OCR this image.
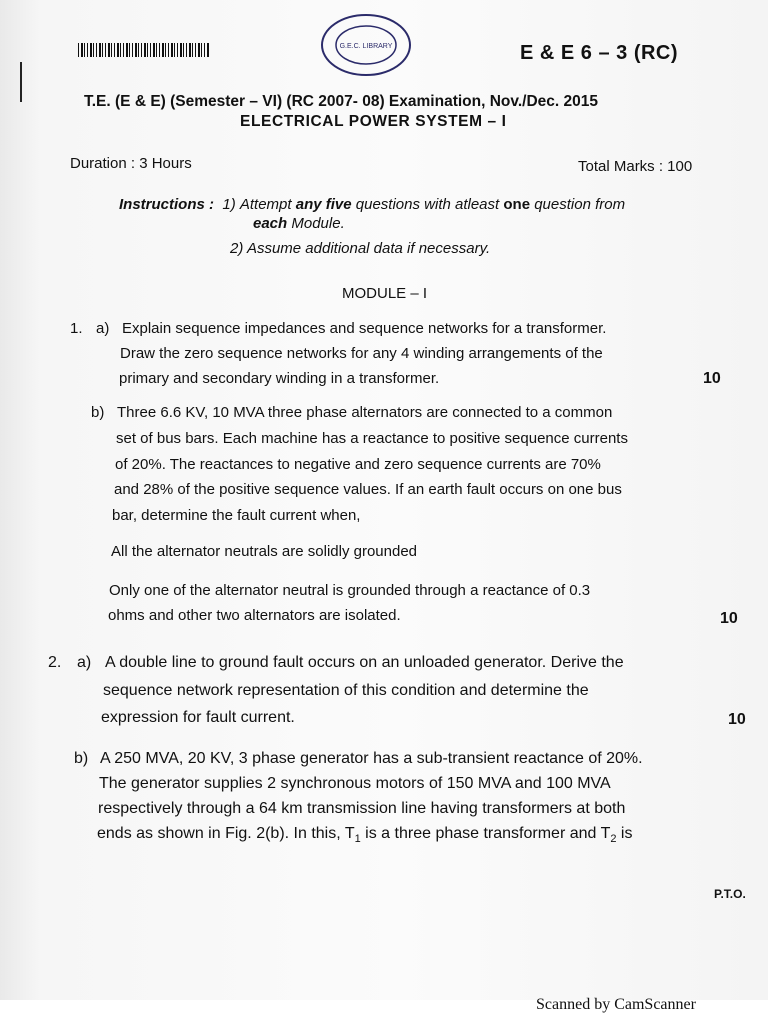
G.E.C. LIBRARY	E & E 6 – 3 (RC)
T.E. (E & E) (Semester – VI) (RC 2007- 08) Examination, Nov./Dec. 2015
ELECTRICAL POWER SYSTEM – I
Duration : 3 Hours	Total Marks : 100
Instructions : 1) Attempt any five questions with atleast one question from
each Module.
2) Assume additional data if necessary.
MODULE – I
1. a) Explain sequence impedances and sequence networks for a transformer.
Draw the zero sequence networks for any 4 winding arrangements of the
primary and secondary winding in a transformer.	10
b) Three 6.6 KV, 10 MVA three phase alternators are connected to a common
set of bus bars. Each machine has a reactance to positive sequence currents
of 20%. The reactances to negative and zero sequence currents are 70%
and 28% of the positive sequence values. If an earth fault occurs on one bus
bar, determine the fault current when,
All the alternator neutrals are solidly grounded
Only one of the alternator neutral is grounded through a reactance of 0.3
ohms and other two alternators are isolated.	10
2. a) A double line to ground fault occurs on an unloaded generator. Derive the
sequence network representation of this condition and determine the
expression for fault current.	10
b) A 250 MVA, 20 KV, 3 phase generator has a sub-transient reactance of 20%.
The generator supplies 2 synchronous motors of 150 MVA and 100 MVA
respectively through a 64 km transmission line having transformers at both
ends as shown in Fig. 2(b). In this, $T_1$ is a three phase transformer and $T_2$ is
P.T.O.
Scanned by CamScanner
